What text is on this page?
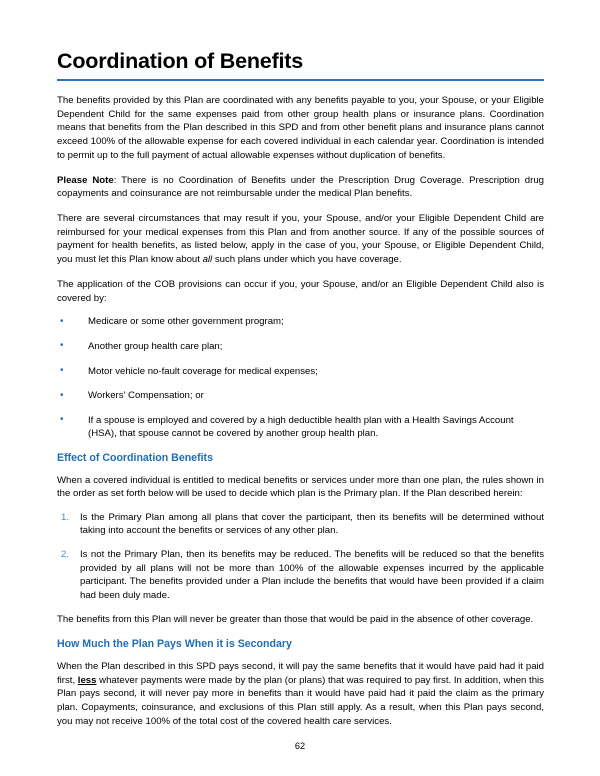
Coordination of Benefits

The benefits provided by this Plan are coordinated with any benefits payable to you, your Spouse, or your Eligible Dependent Child for the same expenses paid from other group health plans or insurance plans. Coordination means that benefits from the Plan described in this SPD and from other benefit plans and insurance plans cannot exceed 100% of the allowable expense for each covered individual in each calendar year. Coordination is intended to permit up to the full payment of actual allowable expenses without duplication of benefits.

Please Note: There is no Coordination of Benefits under the Prescription Drug Coverage. Prescription drug copayments and coinsurance are not reimbursable under the medical Plan benefits.

There are several circumstances that may result if you, your Spouse, and/or your Eligible Dependent Child are reimbursed for your medical expenses from this Plan and from another source. If any of the possible sources of payment for health benefits, as listed below, apply in the case of you, your Spouse, or Eligible Dependent Child, you must let this Plan know about all such plans under which you have coverage.

The application of the COB provisions can occur if you, your Spouse, and/or an Eligible Dependent Child also is covered by:

• Medicare or some other government program;
• Another group health care plan;
• Motor vehicle no-fault coverage for medical expenses;
• Workers' Compensation; or
• If a spouse is employed and covered by a high deductible health plan with a Health Savings Account (HSA), that spouse cannot be covered by another group health plan.
Effect of Coordination Benefits

When a covered individual is entitled to medical benefits or services under more than one plan, the rules shown in the order as set forth below will be used to decide which plan is the Primary plan. If the Plan described herein:

Is the Primary Plan among all plans that cover the participant, then its benefits will be determined without taking into account the benefits or services of any other plan.
Is not the Primary Plan, then its benefits may be reduced. The benefits will be reduced so that the benefits provided by all plans will not be more than 100% of the allowable expenses incurred by the applicable participant. The benefits provided under a Plan include the benefits that would have been provided if a claim had been duly made.

The benefits from this Plan will never be greater than those that would be paid in the absence of other coverage.

How Much the Plan Pays When it is Secondary

When the Plan described in this SPD pays second, it will pay the same benefits that it would have paid had it paid first, less whatever payments were made by the plan (or plans) that was required to pay first. In addition, when this Plan pays second, it will never pay more in benefits than it would have paid had it paid the claim as the primary plan. Copayments, coinsurance, and exclusions of this Plan still apply. As a result, when this Plan pays second, you may not receive 100% of the total cost of the covered health care services.

62
